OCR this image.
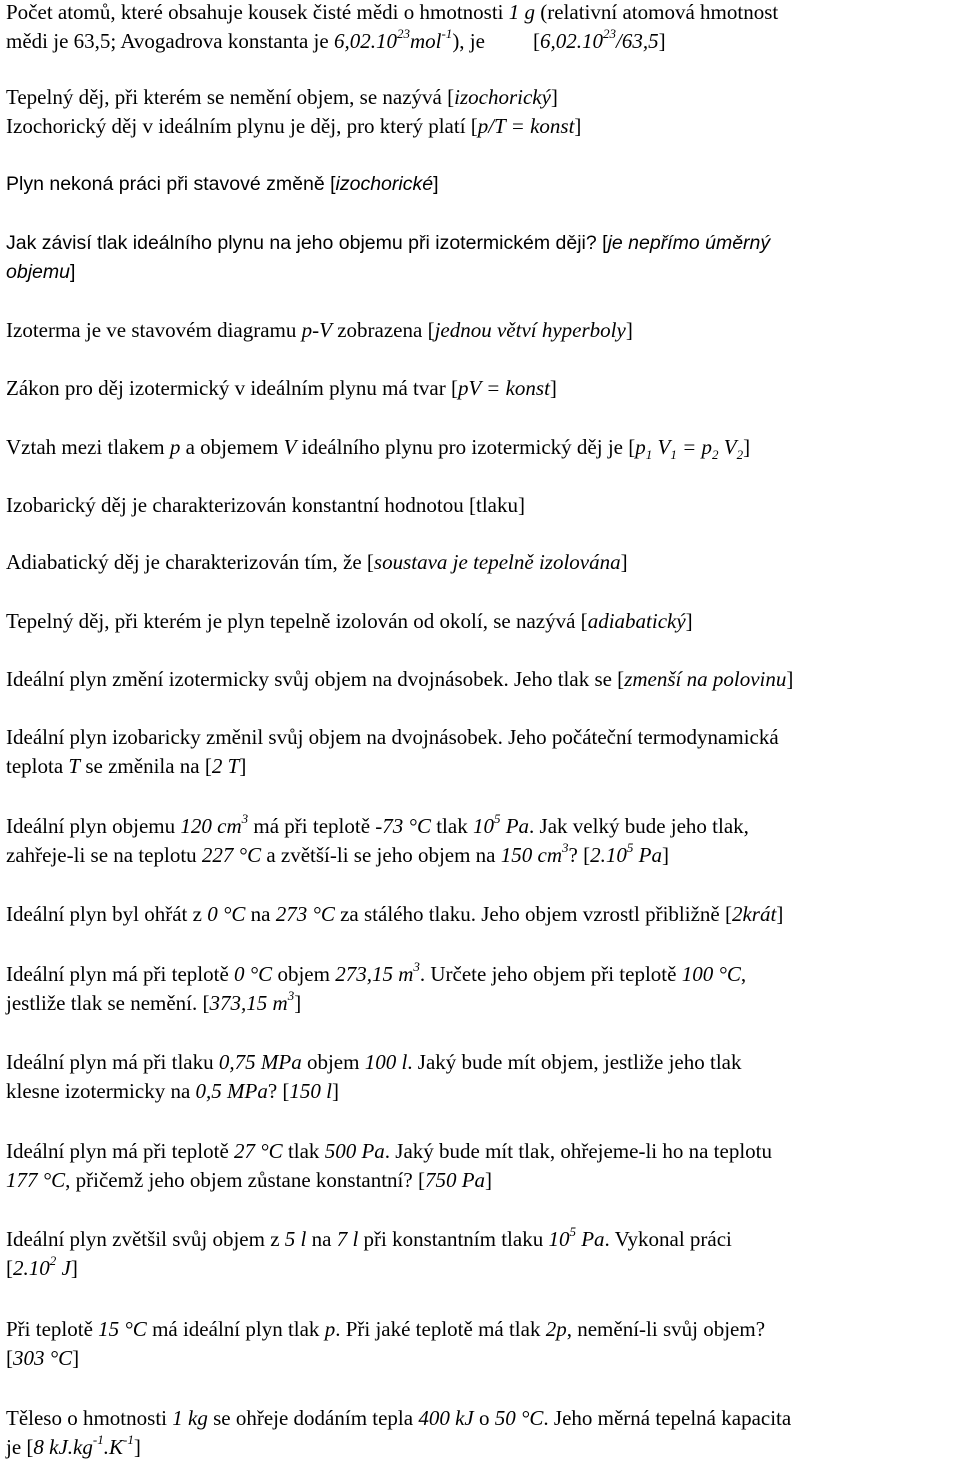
Počet atomů, které obsahuje kousek čisté mědi o hmotnosti 1 g (relativní atomová hmotnost
mědi je 63,5; Avogadrova konstanta je 6,02.10$^{23}$mol$^{-1}$), je [6,02.10$^{23}$/63,5]

Tepelný děj, při kterém se nemění objem, se nazývá [izochorický]

Izochorický děj v ideálním plynu je děj, pro který platí [p/T = konst]

Plyn nekoná práci při stavové změně [izochorické]

Jak závisí tlak ideálního plynu na jeho objemu při izotermickém ději? [je nepřímo úměrný
objemu]

Izoterma je ve stavovém diagramu p-V zobrazena [jednou větví hyperboly]

Zákon pro děj izotermický v ideálním plynu má tvar [pV = konst]

Vztah mezi tlakem p a objemem V ideálního plynu pro izotermický děj je [$p_1$ $V_1 = p_2$ $V_2$]

Izobarický děj je charakterizován konstantní hodnotou [tlaku]

Adiabatický děj je charakterizován tím, že [soustava je tepelně izolována]

Tepelný děj, při kterém je plyn tepelně izolován od okolí, se nazývá [adiabatický]

Ideální plyn změní izotermicky svůj objem na dvojnásobek. Jeho tlak se [zmenší na polovinu]

Ideální plyn izobaricky změnil svůj objem na dvojnásobek. Jeho počáteční termodynamická
teplota T se změnila na [2 T]

Ideální plyn objemu 120 $cm^3$ má při teplotě -73 °C tlak $10^5$ Pa. Jak velký bude jeho tlak,
zahřeje-li se na teplotu 227 °C a zvětší-li se jeho objem na 150 $cm^3$? [2.10$^5$ Pa]

Ideální plyn byl ohřát z 0 °C na 273 °C za stálého tlaku. Jeho objem vzrostl přibližně [2krát]

Ideální plyn má při teplotě 0 °C objem 273,15 $m^3$. Určete jeho objem při teplotě 100 °C,
jestliže tlak se nemění. [373,15 $m^3$]

Ideální plyn má při tlaku 0,75 MPa objem 100 l. Jaký bude mít objem, jestliže jeho tlak
klesne izotermicky na 0,5 MPa? [150 l]

Ideální plyn má při teplotě 27 °C tlak 500 Pa. Jaký bude mít tlak, ohřejeme-li ho na teplotu
177 °C, přičemž jeho objem zůstane konstantní? [750 Pa]

Ideální plyn zvětšil svůj objem z 5 l na 7 l při konstantním tlaku $10^5$ Pa. Vykonal práci
[2.10$^2$ J]

Při teplotě 15 °C má ideální plyn tlak p. Při jaké teplotě má tlak 2p, nemění-li svůj objem?
[303 °C]

Těleso o hmotnosti 1 kg se ohřeje dodáním tepla 400 kJ o 50 °C. Jeho měrná tepelná kapacita
je [8 $kJ.kg^{-1}.K^{-1}$]
